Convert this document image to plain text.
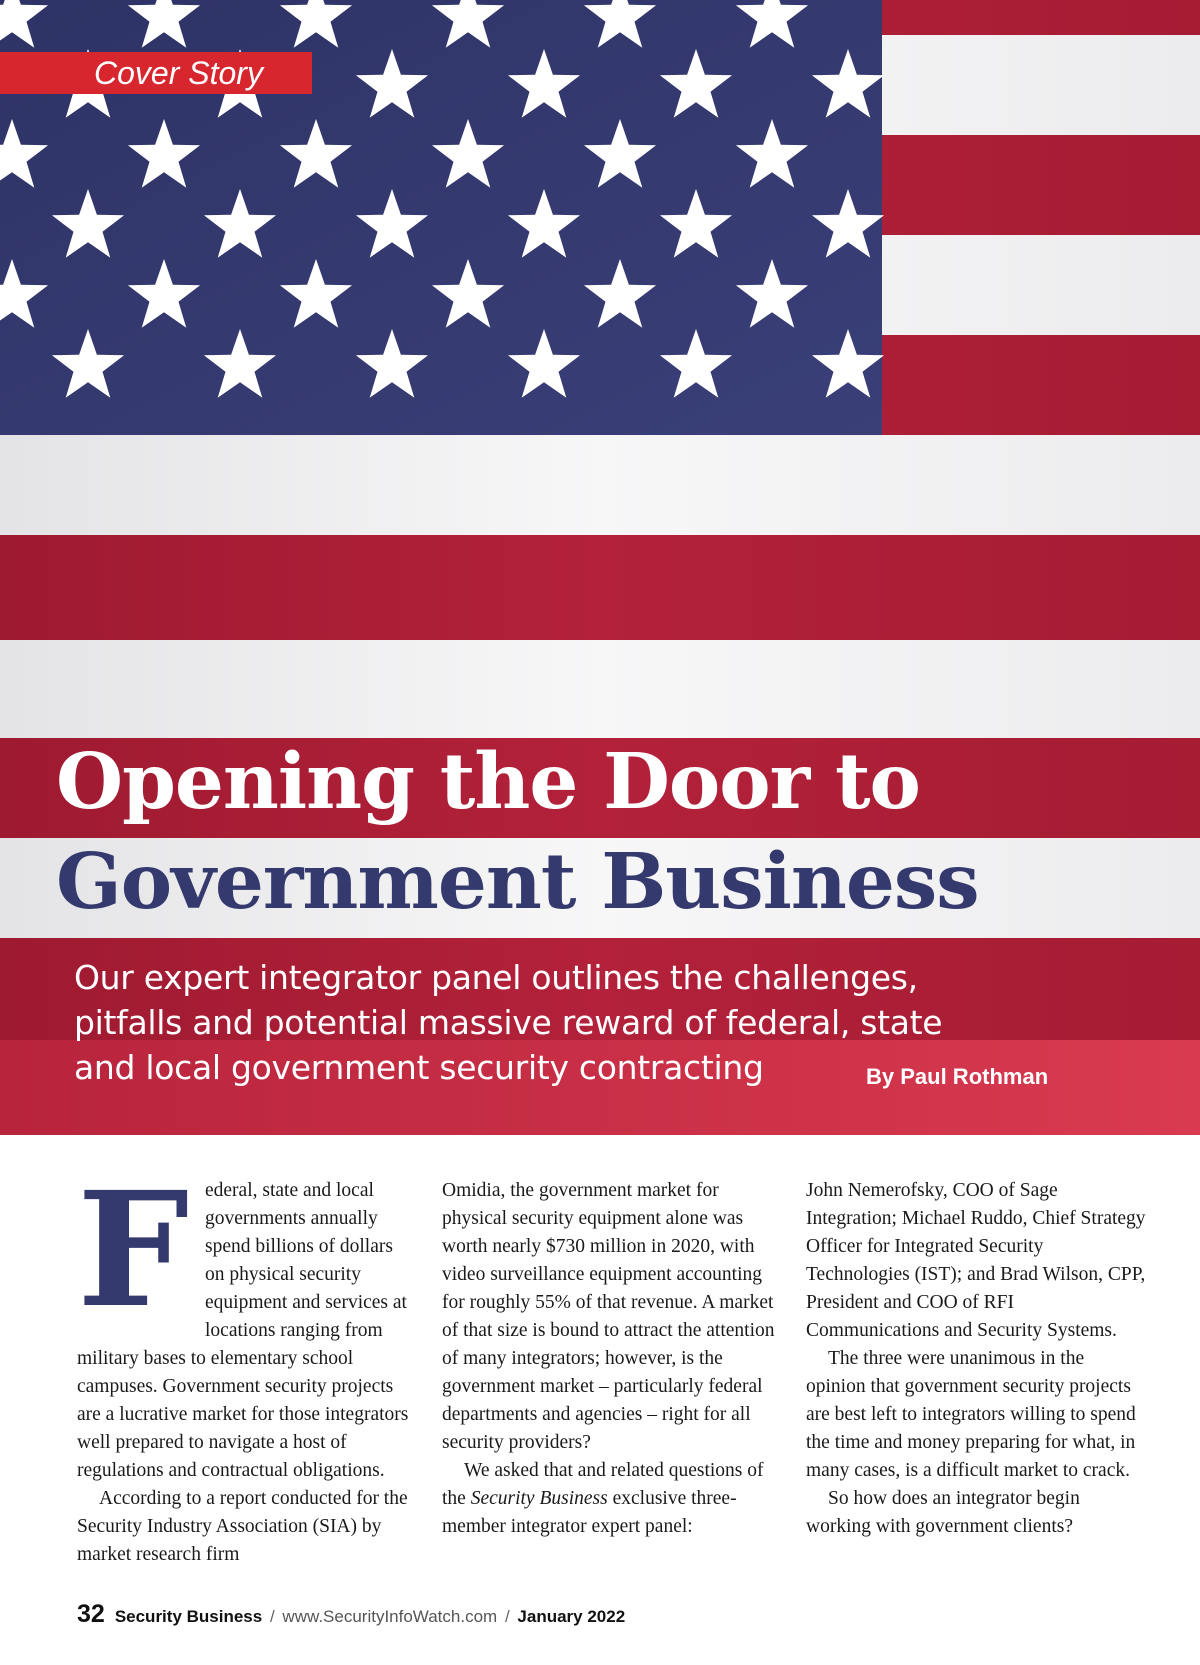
Cover Story
Opening the Door to
Government Business
Our expert integrator panel outlines the challenges,
pitfalls and potential massive reward of federal, state
and local government security contracting	By Paul Rothman
F ederal, state and local governments annually spend billions of dollars on physical security equipment and services at locations ranging from military bases to elementary school campuses. Government security projects are a lucrative market for those integrators well prepared to navigate a host of regulations and contractual obligations.

According to a report conducted for the Security Industry Association (SIA) by market research firm

Omidia, the government market for physical security equipment alone was worth nearly $730 million in 2020, with video surveillance equipment accounting for roughly 55% of that revenue. A market of that size is bound to attract the attention of many integrators; however, is the government market – particularly federal departments and agencies – right for all security providers?

We asked that and related questions of the Security Business exclusive three-member integrator expert panel:

John Nemerofsky, COO of Sage Integration; Michael Ruddo, Chief Strategy Officer for Integrated Security Technologies (IST); and Brad Wilson, CPP, President and COO of RFI Communications and Security Systems.

The three were unanimous in the opinion that government security projects are best left to integrators willing to spend the time and money preparing for what, in many cases, is a difficult market to crack.

So how does an integrator begin working with government clients?

32 Security Business / www.SecurityInfoWatch.com / January 2022
